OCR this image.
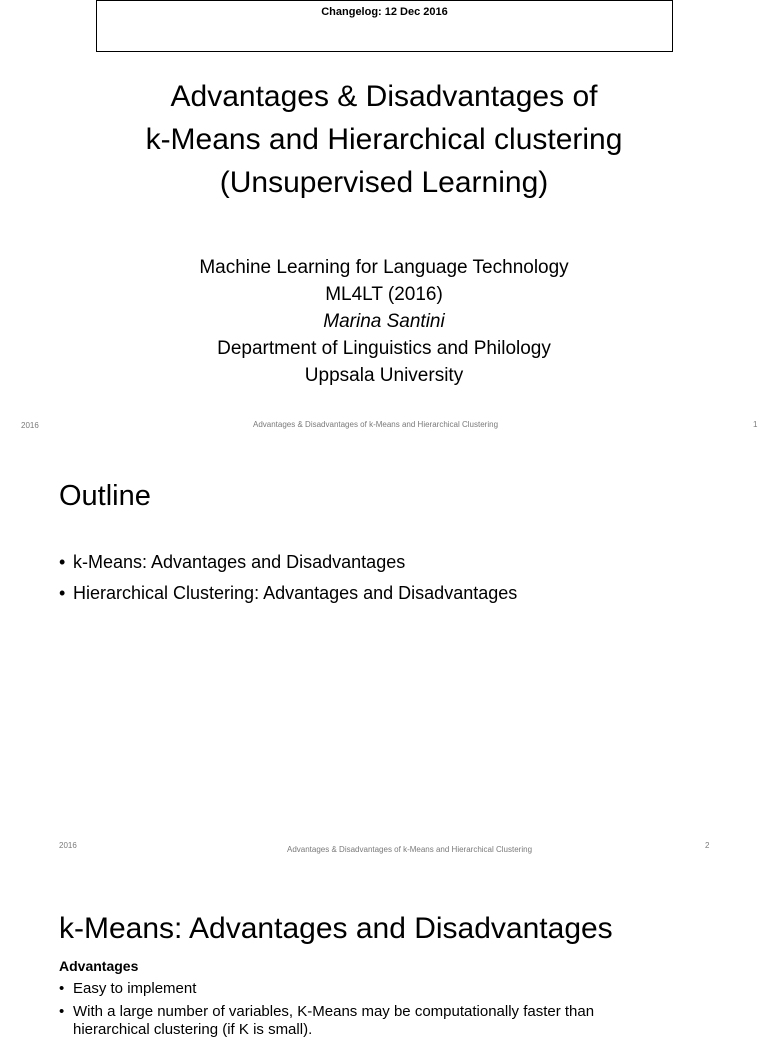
Changelog: 12 Dec 2016
Advantages & Disadvantages of
k-Means and Hierarchical clustering
(Unsupervised Learning)
Machine Learning for Language Technology
ML4LT (2016)
Marina Santini
Department of Linguistics and Philology
Uppsala University
2016	Advantages & Disadvantages of k-Means and Hierarchical Clustering	1
Outline
• k-Means: Advantages and Disadvantages
• Hierarchical Clustering: Advantages and Disadvantages
2016	Advantages & Disadvantages of k-Means and Hierarchical Clustering	2
k-Means: Advantages and Disadvantages
Advantages
• Easy to implement
• With a large number of variables, K-Means may be computationally faster than
hierarchical clustering (if K is small).
